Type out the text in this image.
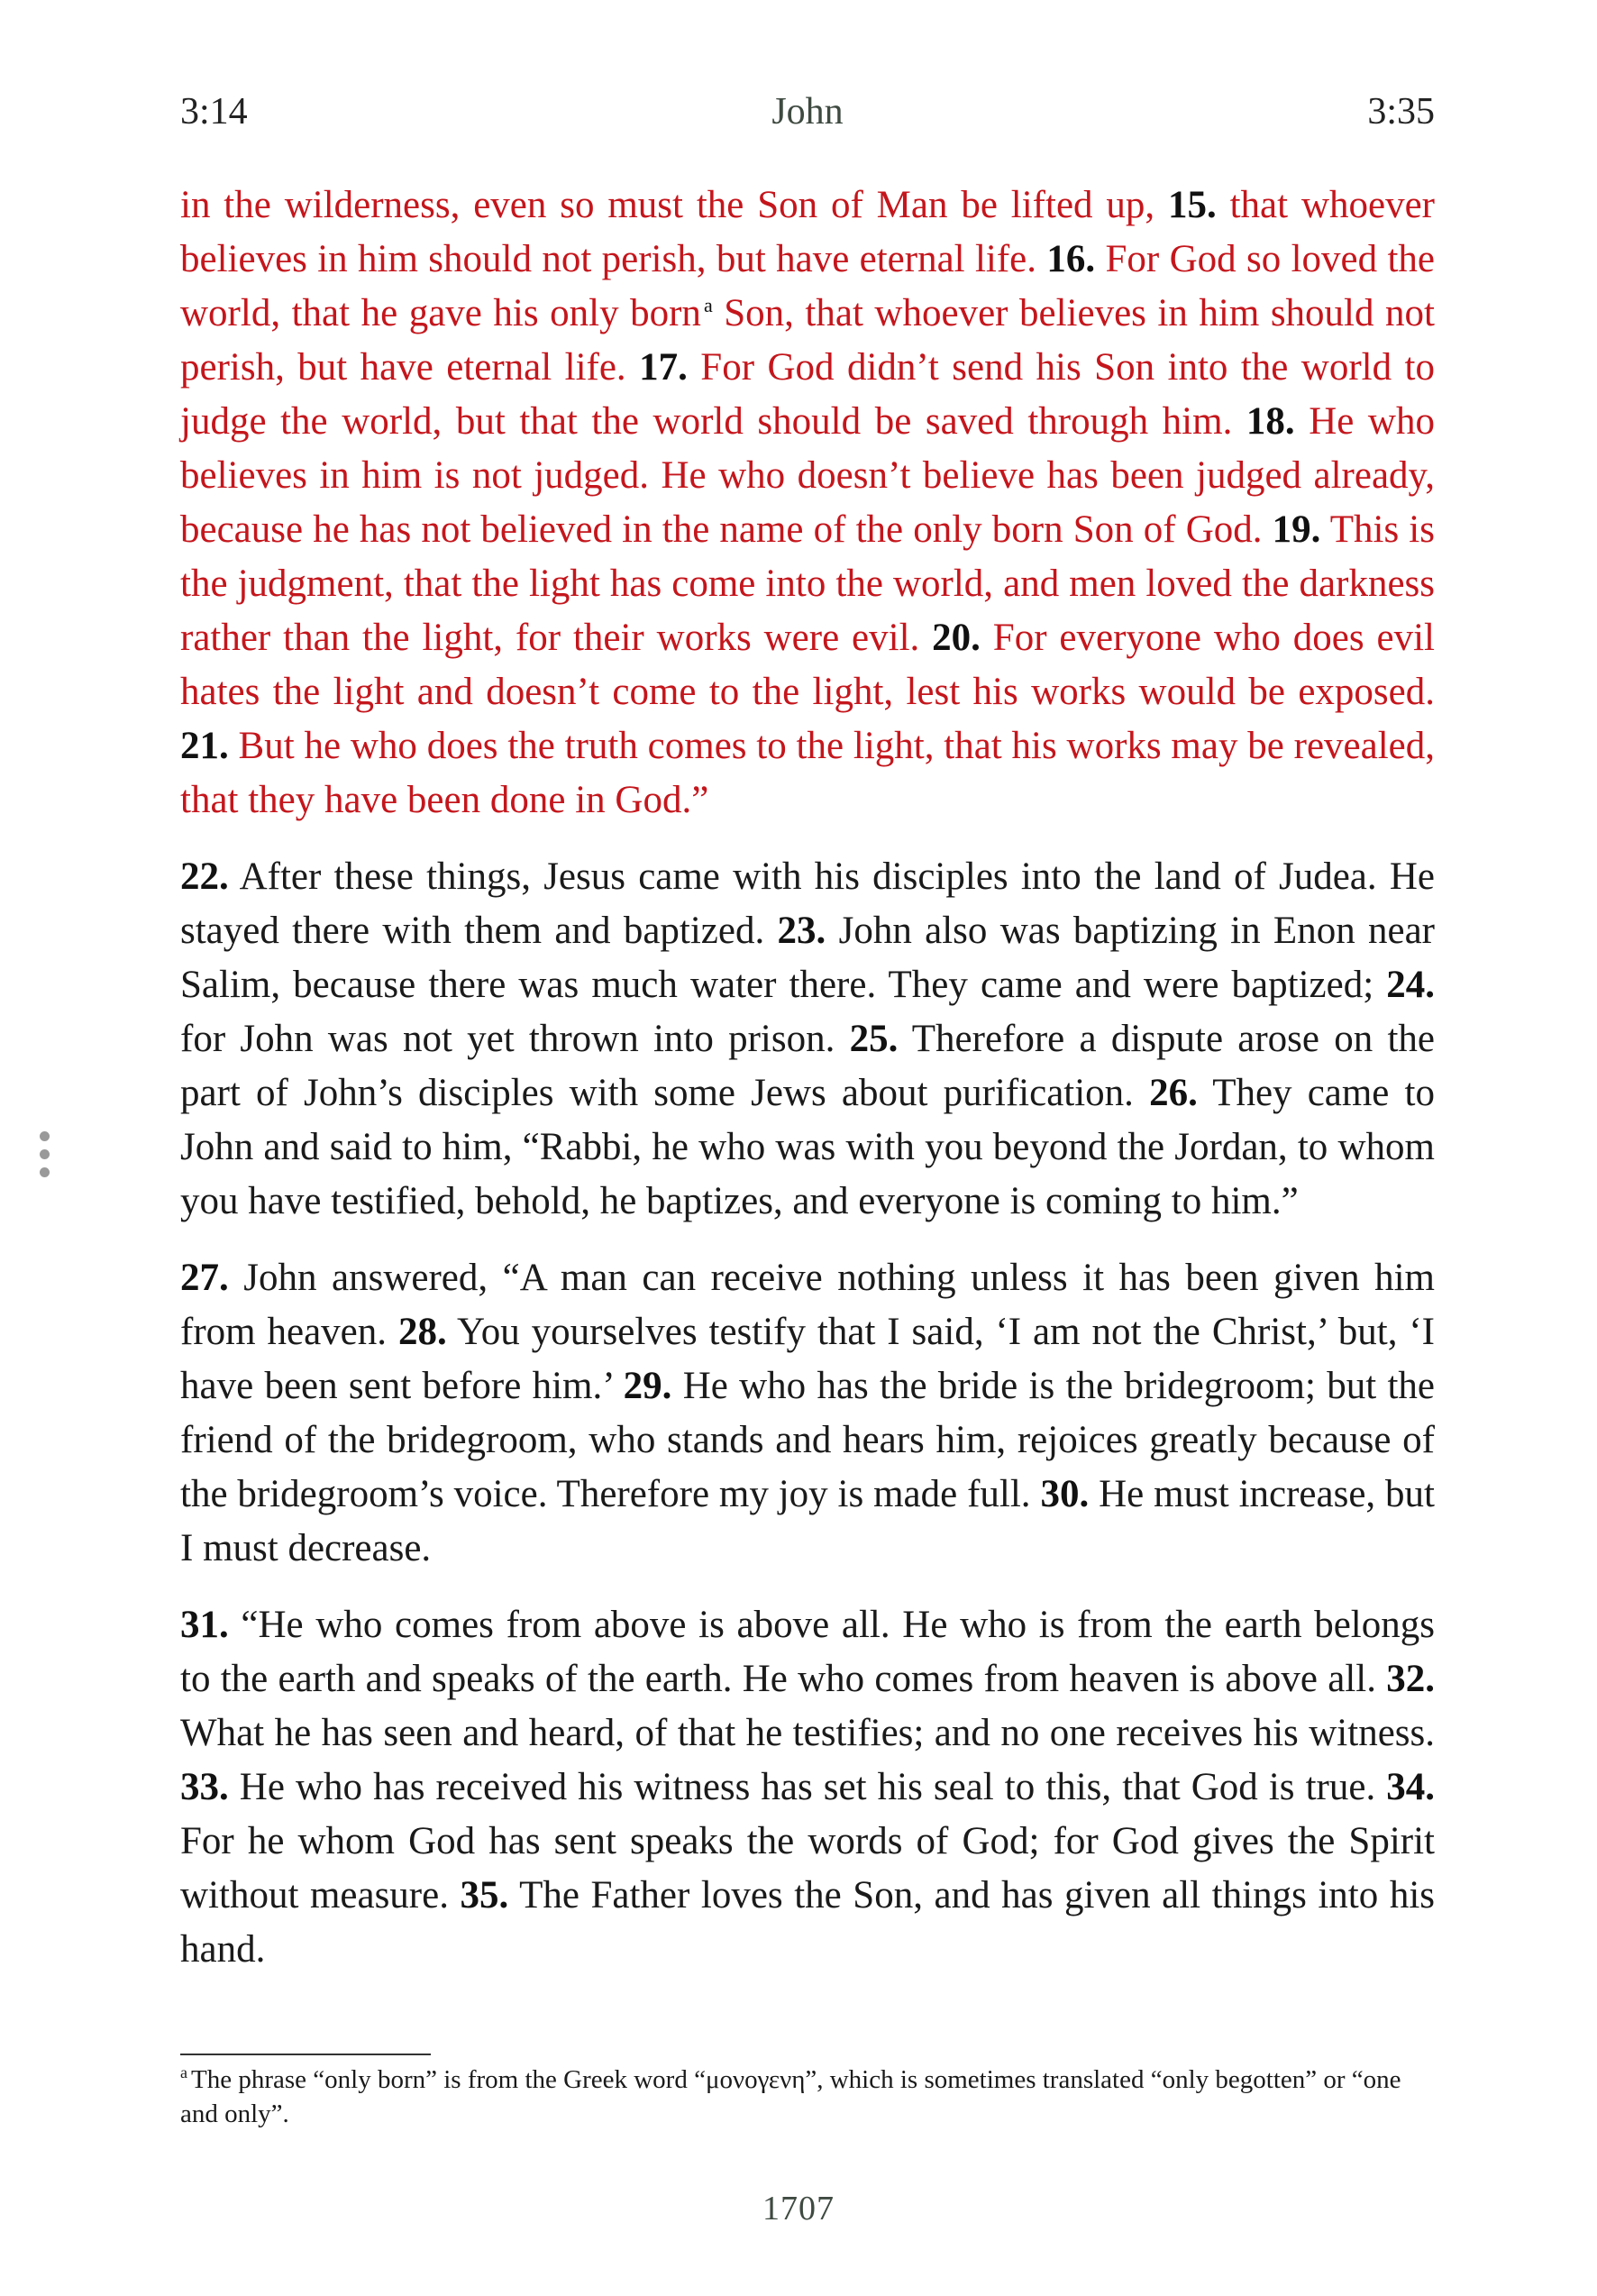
3:14	John	3:35

in the wilderness, even so must the Son of Man be lifted up, 15. that whoever believes in him should not perish, but have eternal life. 16. For God so loved the world, that he gave his only born $^a$ Son, that whoever believes in him should not perish, but have eternal life. 17. For God didn’t send his Son into the world to judge the world, but that the world should be saved through him. 18. He who believes in him is not judged. He who doesn’t believe has been judged already, because he has not believed in the name of the only born Son of God. 19. This is the judgment, that the light has come into the world, and men loved the darkness rather than the light, for their works were evil. 20. For everyone who does evil hates the light and doesn’t come to the light, lest his works would be exposed. 21. But he who does the truth comes to the light, that his works may be revealed, that they have been done in God.”

22. After these things, Jesus came with his disciples into the land of Judea. He stayed there with them and baptized. 23. John also was baptizing in Enon near Salim, because there was much water there. They came and were baptized; 24. for John was not yet thrown into prison. 25. Therefore a dispute arose on the part of John’s disciples with some Jews about purification. 26. They came to John and said to him, “Rabbi, he who was with you beyond the Jordan, to whom you have testified, behold, he baptizes, and everyone is coming to him.”

27. John answered, “A man can receive nothing unless it has been given him from heaven. 28. You yourselves testify that I said, ‘I am not the Christ,’ but, ‘I have been sent before him.’ 29. He who has the bride is the bridegroom; but the friend of the bridegroom, who stands and hears him, rejoices greatly because of the bridegroom’s voice. Therefore my joy is made full. 30. He must increase, but I must decrease.

31. “He who comes from above is above all. He who is from the earth belongs to the earth and speaks of the earth. He who comes from heaven is above all. 32. What he has seen and heard, of that he testifies; and no one receives his witness. 33. He who has received his witness has set his seal to this, that God is true. 34. For he whom God has sent speaks the words of God; for God gives the Spirit without measure. 35. The Father loves the Son, and has given all things into his hand.

$^a$ The phrase “only born” is from the Greek word “μονογενη”, which is sometimes translated “only begotten” or “one and only”.
1707
